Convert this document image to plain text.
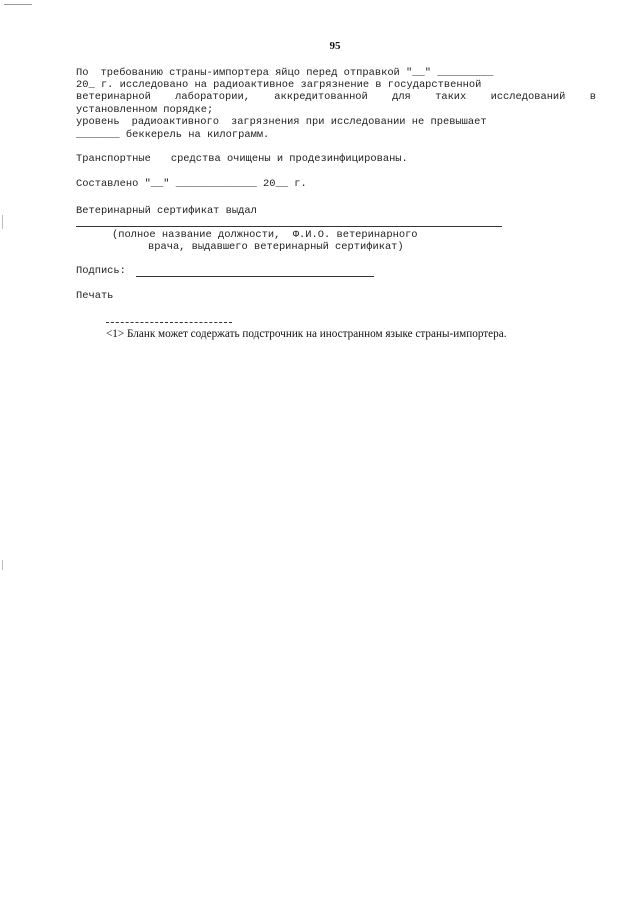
95
По требованию страны-импортера яйцо перед отправкой "__" _________
20_ г. исследовано на радиоактивное загрязнение в государственной
ветеринарной лаборатории, аккредитованной для таких исследований в
установленном порядке;
уровень радиоактивного загрязнения при исследовании не превышает
_______ беккерель на килограмм.
Транспортные средства очищены и продезинфицированы.
Составлено "__" _____________ 20__ г.
Ветеринарный сертификат выдал
(полное название должности,  Ф.И.О. ветеринарного
врача, выдавшего ветеринарный сертификат)
Подпись:
Печать
<1> Бланк может содержать подстрочник на иностранном языке страны-импортера.
